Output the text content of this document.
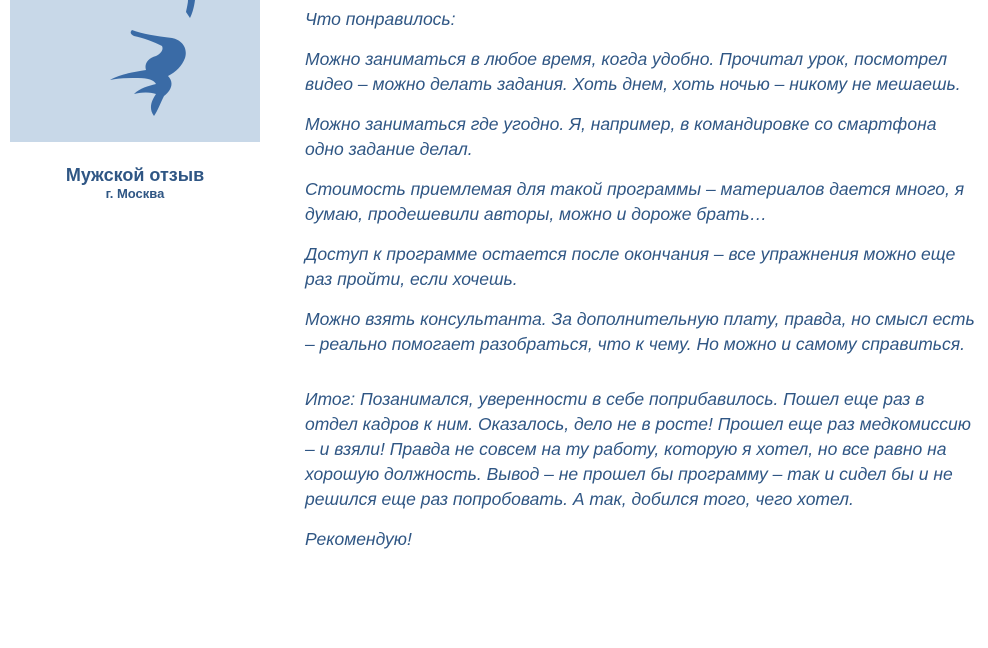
Мужской отзыв
г. Москва

Что понравилось:

Можно заниматься в любое время, когда удобно. Прочитал урок, посмотрел видео – можно делать задания. Хоть днем, хоть ночью – никому не мешаешь.

Можно заниматься где угодно. Я, например, в командировке со смартфона одно задание делал.

Стоимость приемлемая для такой программы – материалов дается много, я думаю, продешевили авторы, можно и дороже брать…

Доступ к программе остается после окончания – все упражнения можно еще раз пройти, если хочешь.

Можно взять консультанта. За дополнительную плату, правда, но смысл есть – реально помогает разобраться, что к чему. Но можно и самому справиться.

Итог: Позанимался, уверенности в себе поприбавилось. Пошел еще раз в отдел кадров к ним. Оказалось, дело не в росте! Прошел еще раз медкомиссию – и взяли! Правда не совсем на ту работу, которую я хотел, но все равно на хорошую должность. Вывод – не прошел бы программу – так и сидел бы и не решился еще раз попробовать. А так, добился того, чего хотел.

Рекомендую!
